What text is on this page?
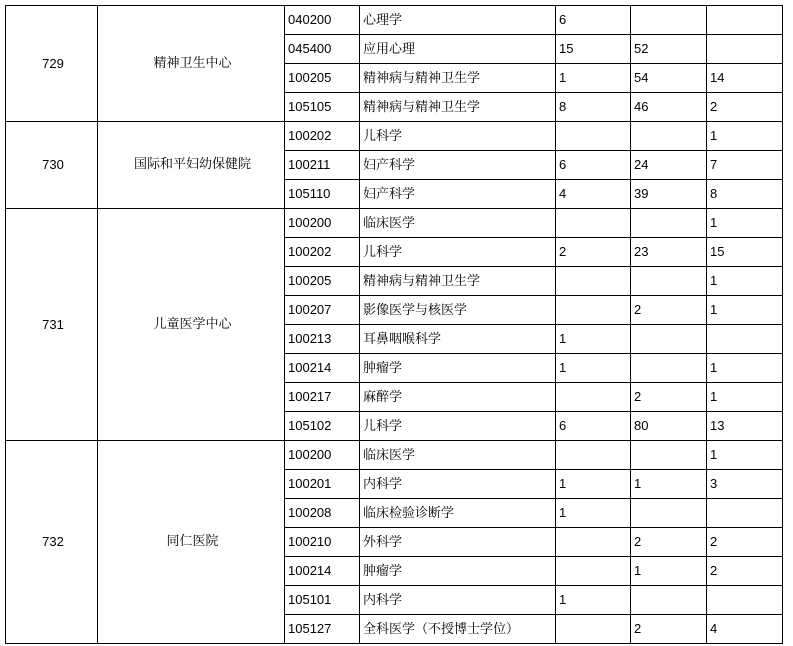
729	精神卫生中心	040200	心理学	6		
		045400	应用心理	15	52	
		100205	精神病与精神卫生学	1	54	14
		105105	精神病与精神卫生学	8	46	2
730	国际和平妇幼保健院	100202	儿科学			1
		100211	妇产科学	6	24	7
		105110	妇产科学	4	39	8
731	儿童医学中心	100200	临床医学			1
		100202	儿科学	2	23	15
		100205	精神病与精神卫生学			1
		100207	影像医学与核医学		2	1
		100213	耳鼻咽喉科学	1		
		100214	肿瘤学	1		1
		100217	麻醉学		2	1
		105102	儿科学	6	80	13
732	同仁医院	100200	临床医学			1
		100201	内科学	1	1	3
		100208	临床检验诊断学	1		
		100210	外科学		2	2
		100214	肿瘤学		1	2
		105101	内科学	1		
		105127	全科医学（不授博士学位）		2	4
